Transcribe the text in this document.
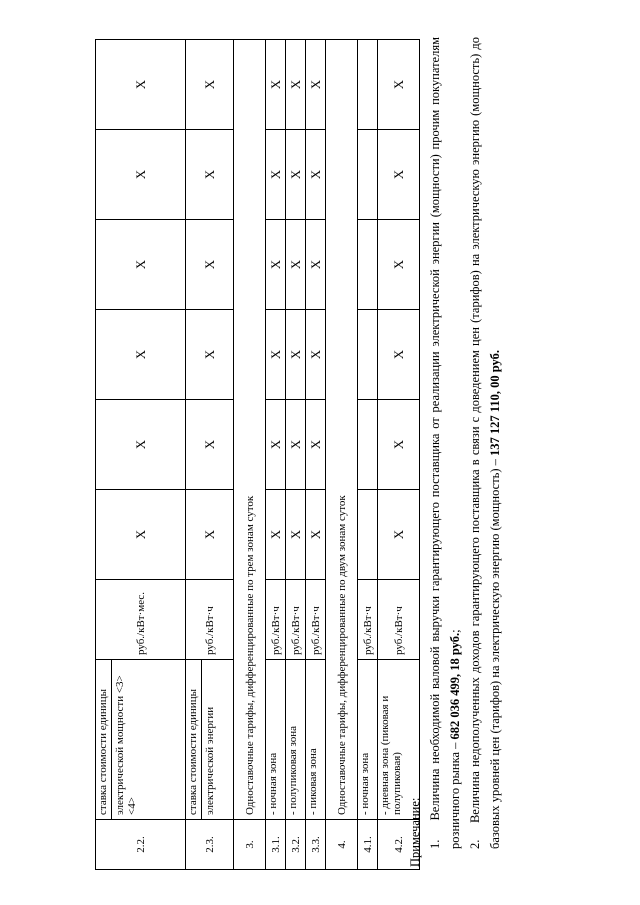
2.2.	ставка стоимости единицы электрической мощности <3><4>	руб./кВт·мес.	X	X	X	X	X	X
2.3.	ставка стоимости единицы электрической энергии	руб./кВт·ч	X	X	X	X	X	X
3.	Одноставочные тарифы, дифференцированные по трем зонам суток							
3.1.	- ночная зона	руб./кВт·ч	X	X	X	X	X	X
3.2.	- полупиковая зона	руб./кВт·ч	X	X	X	X	X	X
3.3.	- пиковая зона	руб./кВт·ч	X	X	X	X	X	X
4.	Одноставочные тарифы, дифференцированные по двум зонам суток							
4.1.	- ночная зона	руб./кВт·ч						
4.2.	- дневная зона (пиковая и полупиковая)	руб./кВт·ч	X	X	X	X	X	X

Примечание: 1.    Величина необходимой валовой выручки гарантирующего поставщика от реализации электрической энергии (мощности) прочим покупателям розничного рынка – 682 036 499, 18 руб.;

2.    Величина недополученных доходов гарантирующего поставщика в связи с доведением цен (тарифов) на электрическую энергию (мощность) до базовых уровней цен (тарифов) на электрическую энергию (мощность) – 137 127 110, 00 руб.
